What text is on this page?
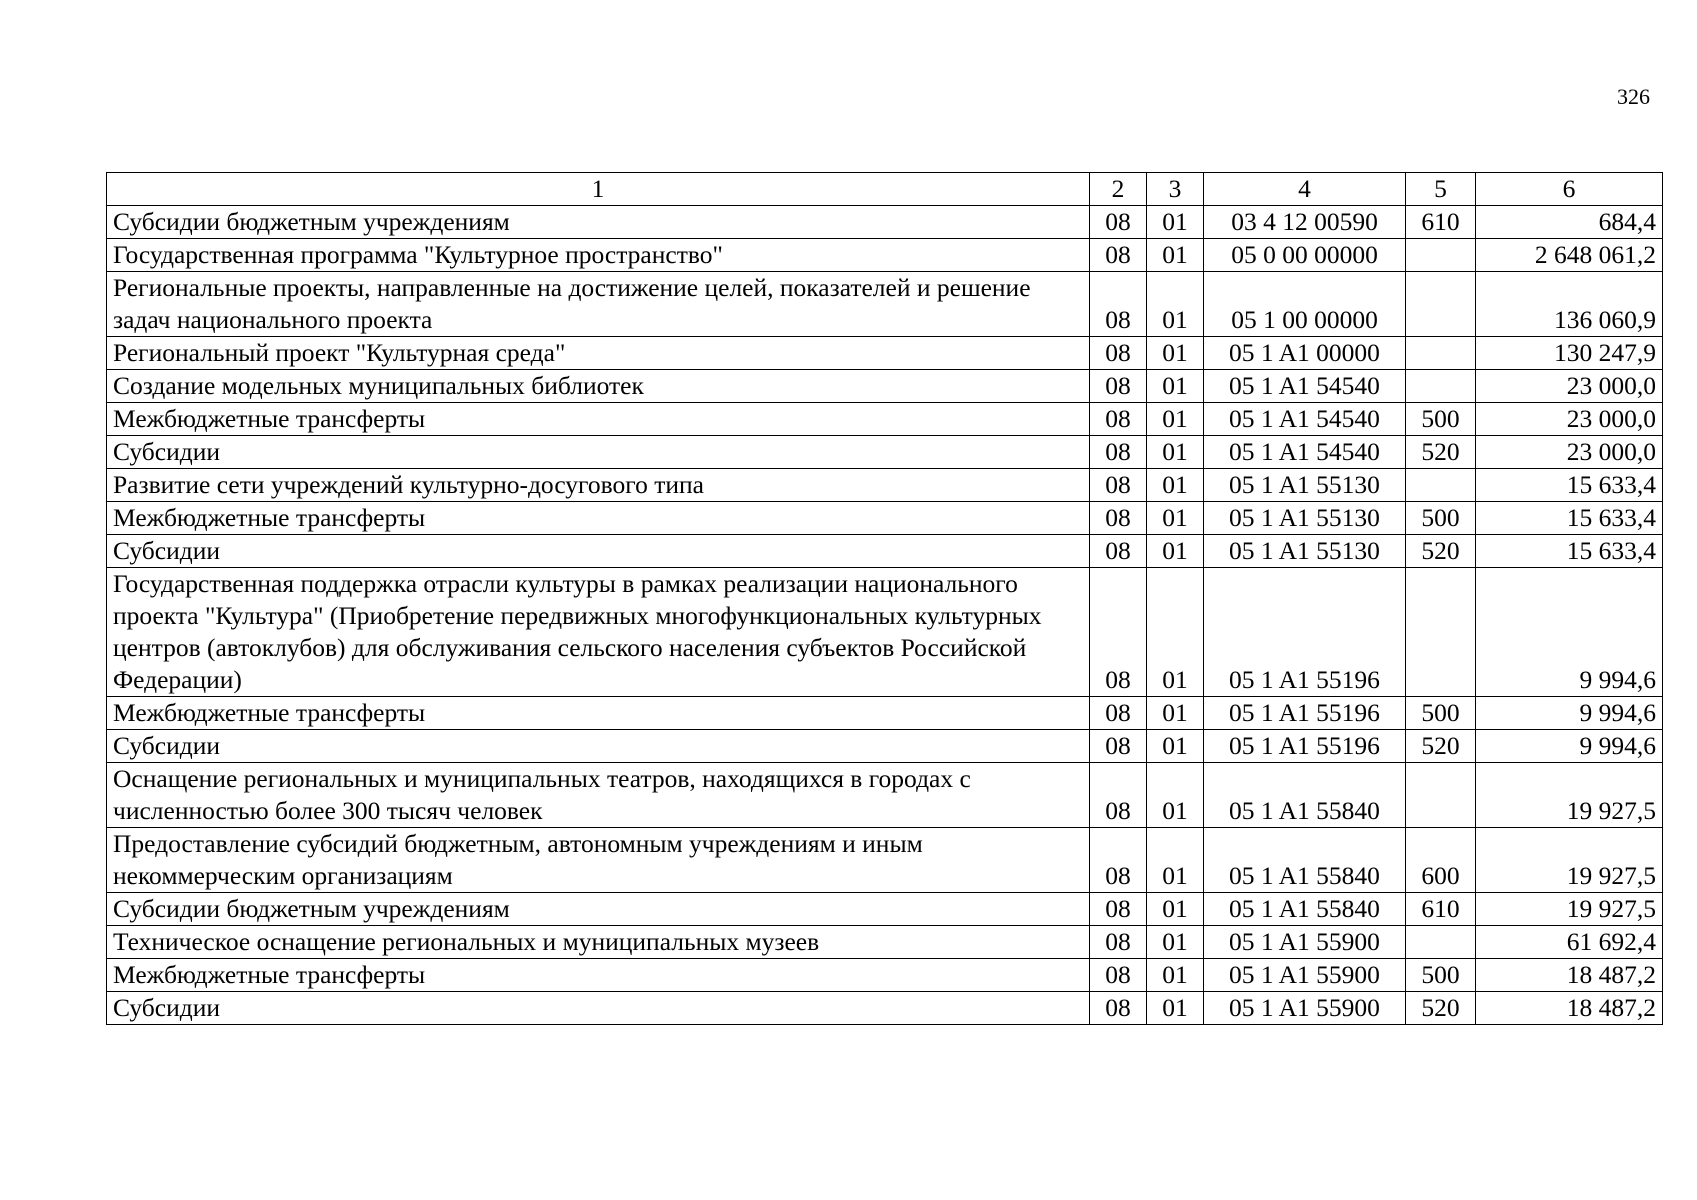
326
1	2	3	4	5	6
Субсидии бюджетным учреждениям	08	01	03 4 12 00590	610	684,4
Государственная программа "Культурное пространство"	08	01	05 0 00 00000		2 648 061,2
Региональные проекты, направленные на достижение целей, показателей и решение задач национального проекта	08	01	05 1 00 00000		136 060,9
Региональный проект "Культурная среда"	08	01	05 1 A1 00000		130 247,9
Создание модельных муниципальных библиотек	08	01	05 1 A1 54540		23 000,0
Межбюджетные трансферты	08	01	05 1 A1 54540	500	23 000,0
Субсидии	08	01	05 1 A1 54540	520	23 000,0
Развитие сети учреждений культурно-досугового типа	08	01	05 1 A1 55130		15 633,4
Межбюджетные трансферты	08	01	05 1 A1 55130	500	15 633,4
Субсидии	08	01	05 1 A1 55130	520	15 633,4
Государственная поддержка отрасли культуры в рамках реализации национального проекта "Культура" (Приобретение передвижных многофункциональных культурных центров (автоклубов) для обслуживания сельского населения субъектов Российской Федерации)	08	01	05 1 A1 55196		9 994,6
Межбюджетные трансферты	08	01	05 1 A1 55196	500	9 994,6
Субсидии	08	01	05 1 A1 55196	520	9 994,6
Оснащение региональных и муниципальных театров, находящихся в городах с численностью более 300 тысяч человек	08	01	05 1 A1 55840		19 927,5
Предоставление субсидий бюджетным, автономным учреждениям и иным некоммерческим организациям	08	01	05 1 A1 55840	600	19 927,5
Субсидии бюджетным учреждениям	08	01	05 1 A1 55840	610	19 927,5
Техническое оснащение региональных и муниципальных музеев	08	01	05 1 A1 55900		61 692,4
Межбюджетные трансферты	08	01	05 1 A1 55900	500	18 487,2
Субсидии	08	01	05 1 A1 55900	520	18 487,2
